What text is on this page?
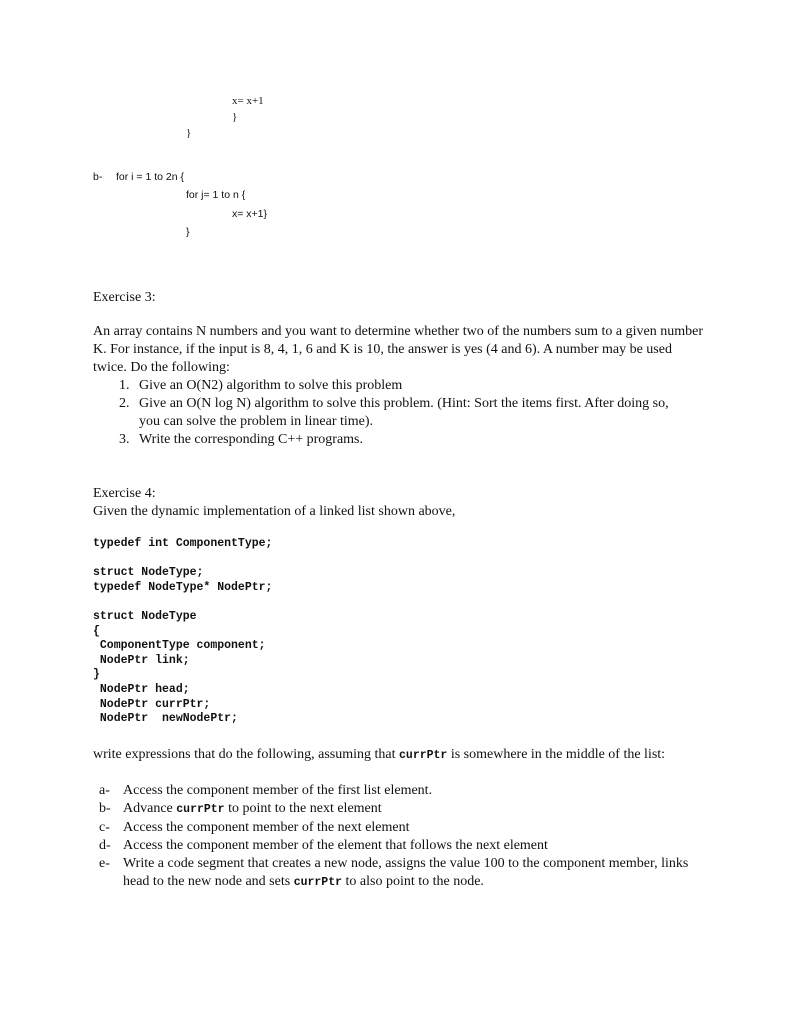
x= x+1
}
}
b- for i = 1 to 2n {
for j= 1 to n {
x= x+1}
}
Exercise 3:
An array contains N numbers and you want to determine whether two of the numbers sum to a given number K. For instance, if the input is 8, 4, 1, 6 and K is 10, the answer is yes (4 and 6). A number may be used twice. Do the following:
1. Give an O(N2) algorithm to solve this problem
2. Give an O(N log N) algorithm to solve this problem. (Hint: Sort the items first. After doing so, you can solve the problem in linear time).
3. Write the corresponding C++ programs.
Exercise 4:
Given the dynamic implementation of a linked list shown above,
typedef int ComponentType;
struct NodeType;
typedef NodeType* NodePtr;
struct NodeType
{
ComponentType component;
NodePtr link;
}
NodePtr head;
NodePtr currPtr;
NodePtr  newNodePtr;
write expressions that do the following, assuming that currPtr is somewhere in the middle of the list:
a- Access the component member of the first list element.
b- Advance currPtr to point to the next element
c- Access the component member of the next element
d- Access the component member of the element that follows the next element
e- Write a code segment that creates a new node, assigns the value 100 to the component member, links head to the new node and sets currPtr to also point to the node.
